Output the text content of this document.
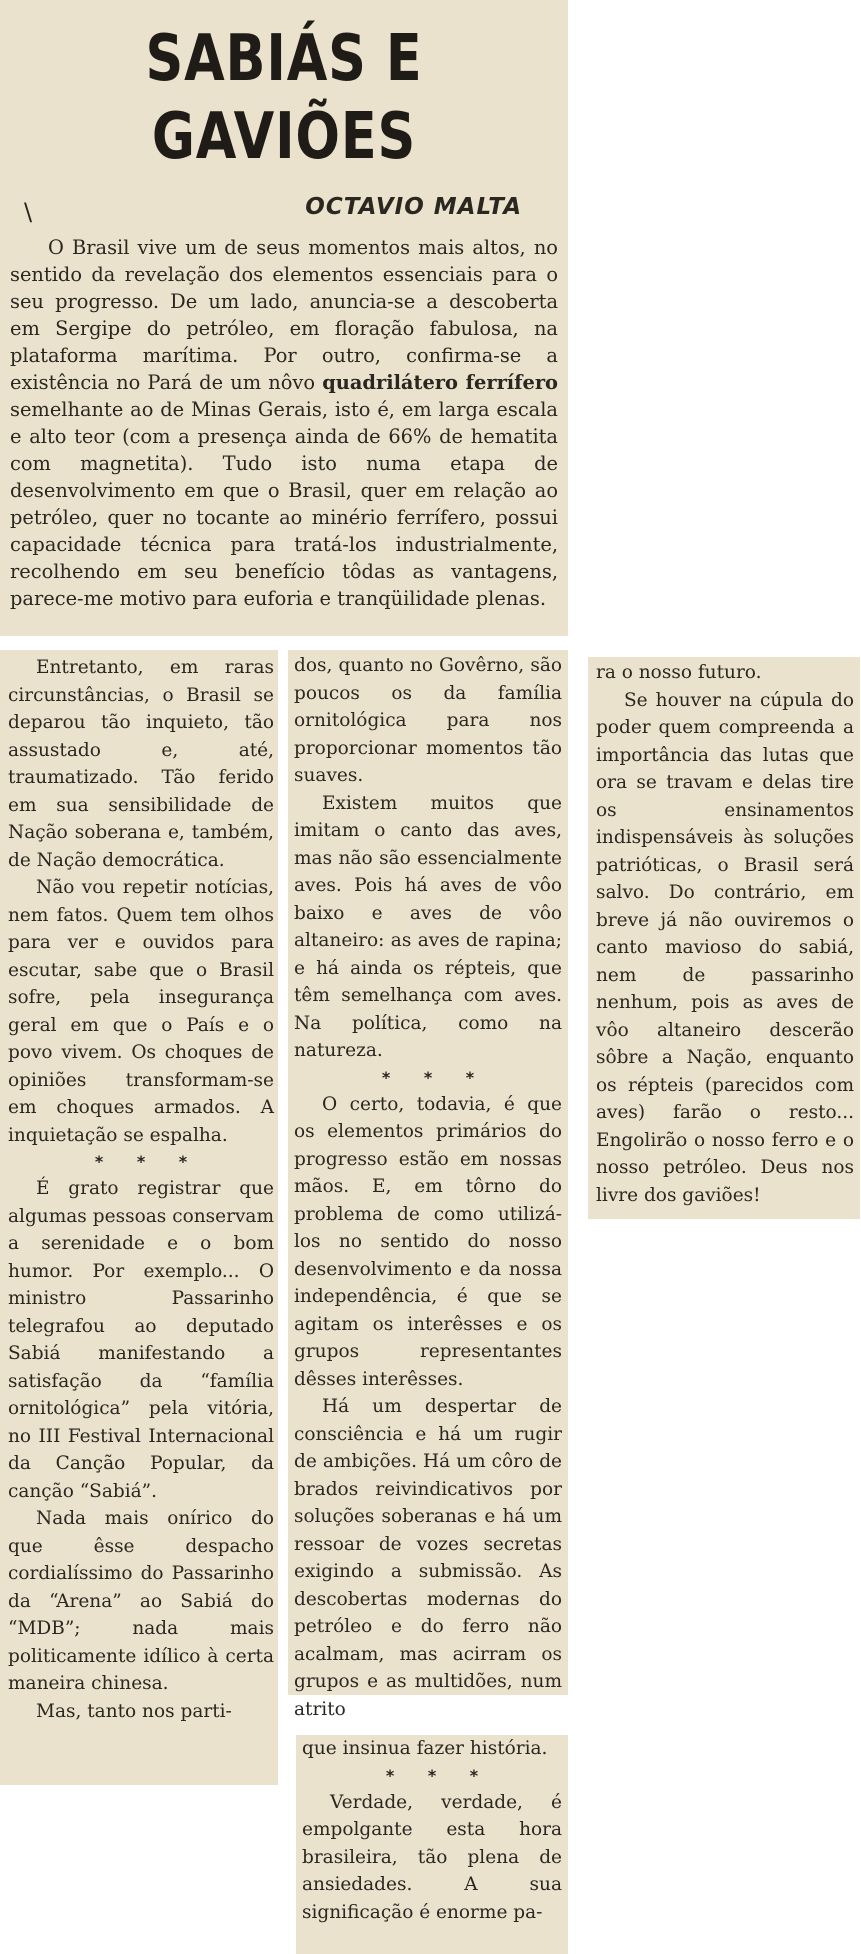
SABIÁS E
GAVIÕES
\	OCTAVIO MALTA

O Brasil vive um de seus momentos mais altos, no sentido da revelação dos elementos essenciais para o seu progresso. De um lado, anuncia-se a descoberta em Sergipe do petróleo, em floração fabulosa, na plataforma marítima. Por outro, confirma-se a existência no Pará de um nôvo quadrilátero ferrífero semelhante ao de Minas Gerais, isto é, em larga escala e alto teor (com a presença ainda de 66% de hematita com magnetita). Tudo isto numa etapa de desenvolvimento em que o Brasil, quer em relação ao petróleo, quer no tocante ao minério ferrífero, possui capacidade técnica para tratá-los industrialmente, recolhendo em seu benefício tôdas as vantagens, parece-me motivo para euforia e tranqüilidade plenas.

Entretanto, em raras circunstâncias, o Brasil se deparou tão inquieto, tão assustado e, até, traumatizado. Tão ferido em sua sensibilidade de Nação soberana e, também, de Nação democrática.

Não vou repetir notícias, nem fatos. Quem tem olhos para ver e ouvidos para escutar, sabe que o Brasil sofre, pela insegurança geral em que o País e o povo vivem. Os choques de opiniões transformam-se em choques armados. A inquietação se espalha.

* * *

É grato registrar que algumas pessoas conservam a serenidade e o bom humor. Por exemplo... O ministro Passarinho telegrafou ao deputado Sabiá manifestando a satisfação da “família ornitológica” pela vitória, no III Festival Internacional da Canção Popular, da canção “Sabiá”.

Nada mais onírico do que êsse despacho cordialíssimo do Passarinho da “Arena” ao Sabiá do “MDB”; nada mais politicamente idílico à certa maneira chinesa.

Mas, tanto nos parti-

dos, quanto no Govêrno, são poucos os da família ornitológica para nos proporcionar momentos tão suaves.

Existem muitos que imitam o canto das aves, mas não são essencialmente aves. Pois há aves de vôo baixo e aves de vôo altaneiro: as aves de rapina; e há ainda os répteis, que têm semelhança com aves. Na política, como na natureza.

* * *

O certo, todavia, é que os elementos primários do progresso estão em nossas mãos. E, em tôrno do problema de como utilizá-los no sentido do nosso desenvolvimento e da nossa independência, é que se agitam os interêsses e os grupos representantes dêsses interêsses.

Há um despertar de consciência e há um rugir de ambições. Há um côro de brados reivindicativos por soluções soberanas e há um ressoar de vozes secretas exigindo a submissão. As descobertas modernas do petróleo e do ferro não acalmam, mas acirram os grupos e as multidões, num atrito

que insinua fazer história.

* * *

Verdade, verdade, é empolgante esta hora brasileira, tão plena de ansiedades. A sua significação é enorme pa-

ra o nosso futuro.

Se houver na cúpula do poder quem compreenda a importância das lutas que ora se travam e delas tire os ensinamentos indispensáveis às soluções patrióticas, o Brasil será salvo. Do contrário, em breve já não ouviremos o canto mavioso do sabiá, nem de passarinho nenhum, pois as aves de vôo altaneiro descerão sôbre a Nação, enquanto os répteis (parecidos com aves) farão o resto... Engolirão o nosso ferro e o nosso petróleo. Deus nos livre dos gaviões!
